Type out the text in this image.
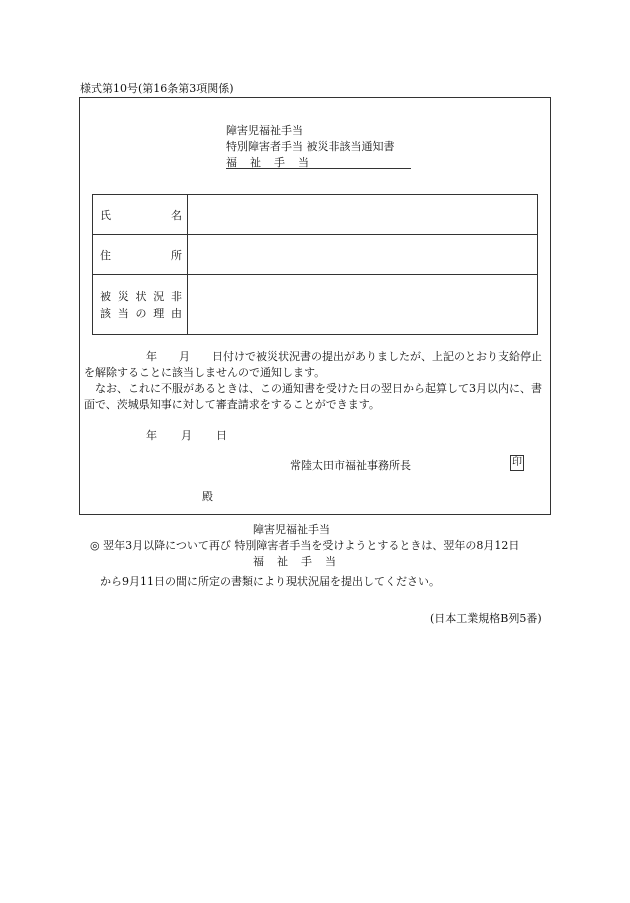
様式第10号(第16条第3項関係)
障害児福祉手当
特別障害者手当 被災非該当通知書
福祉手当
氏 名	

住 所	

被災状況非
該当の理由	

年 月 日付けで被災状況書の提出がありましたが、上記のとおり支給停止を解除することに該当しませんので通知します。
　なお、これに不服があるときは、この通知書を受けた日の翌日から起算して3月以内に、書面で、茨城県知事に対して審査請求をすることができます。
年 月 日
常陸太田市福祉事務所長	印
殿
障害児福祉手当
◎ 翌年3月以降について再び 特別障害者手当を受けようとするときは、翌年の8月12日
福祉手当
から9月11日の間に所定の書類により現状況届を提出してください。
(日本工業規格B列5番)
